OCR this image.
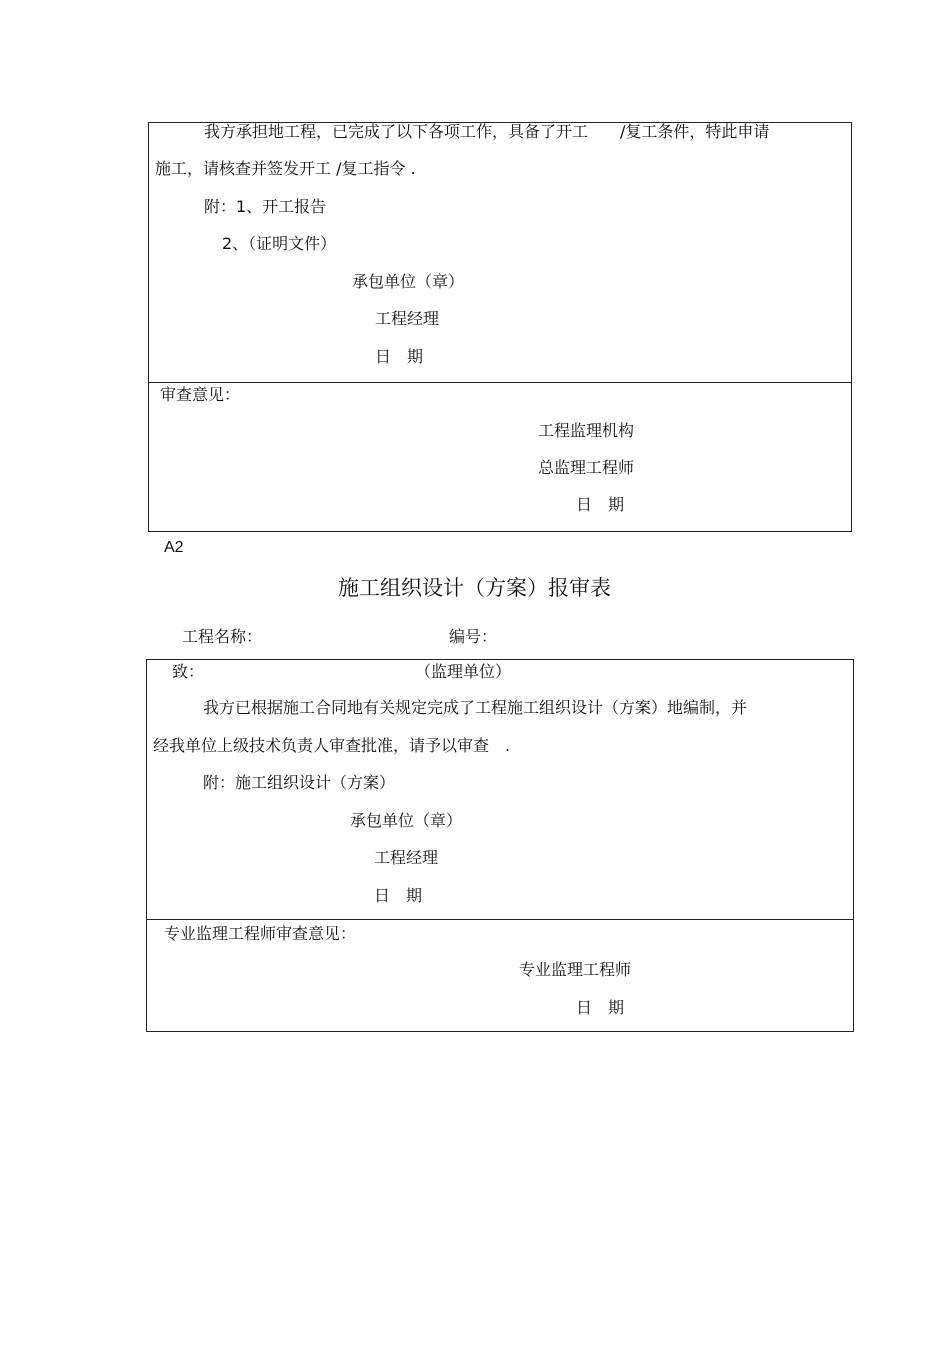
我方承担地工程，已完成了以下各项工作，具备了开工　　/复工条件，特此申请
施工，请核查并签发开工 /复工指令 .
附：1、开工报告
2、（证明文件）
承包单位（章）
工程经理
日　期
审查意见：
工程监理机构
总监理工程师
日　期
A2
施工组织设计（方案）报审表
工程名称：	编号：
致：	（监理单位）
我方已根据施工合同地有关规定完成了工程施工组织设计（方案）地编制，并
经我单位上级技术负责人审查批准，请予以审查　.
附：施工组织设计（方案）
承包单位（章）
工程经理
日　期
专业监理工程师审查意见：
专业监理工程师
日　期
